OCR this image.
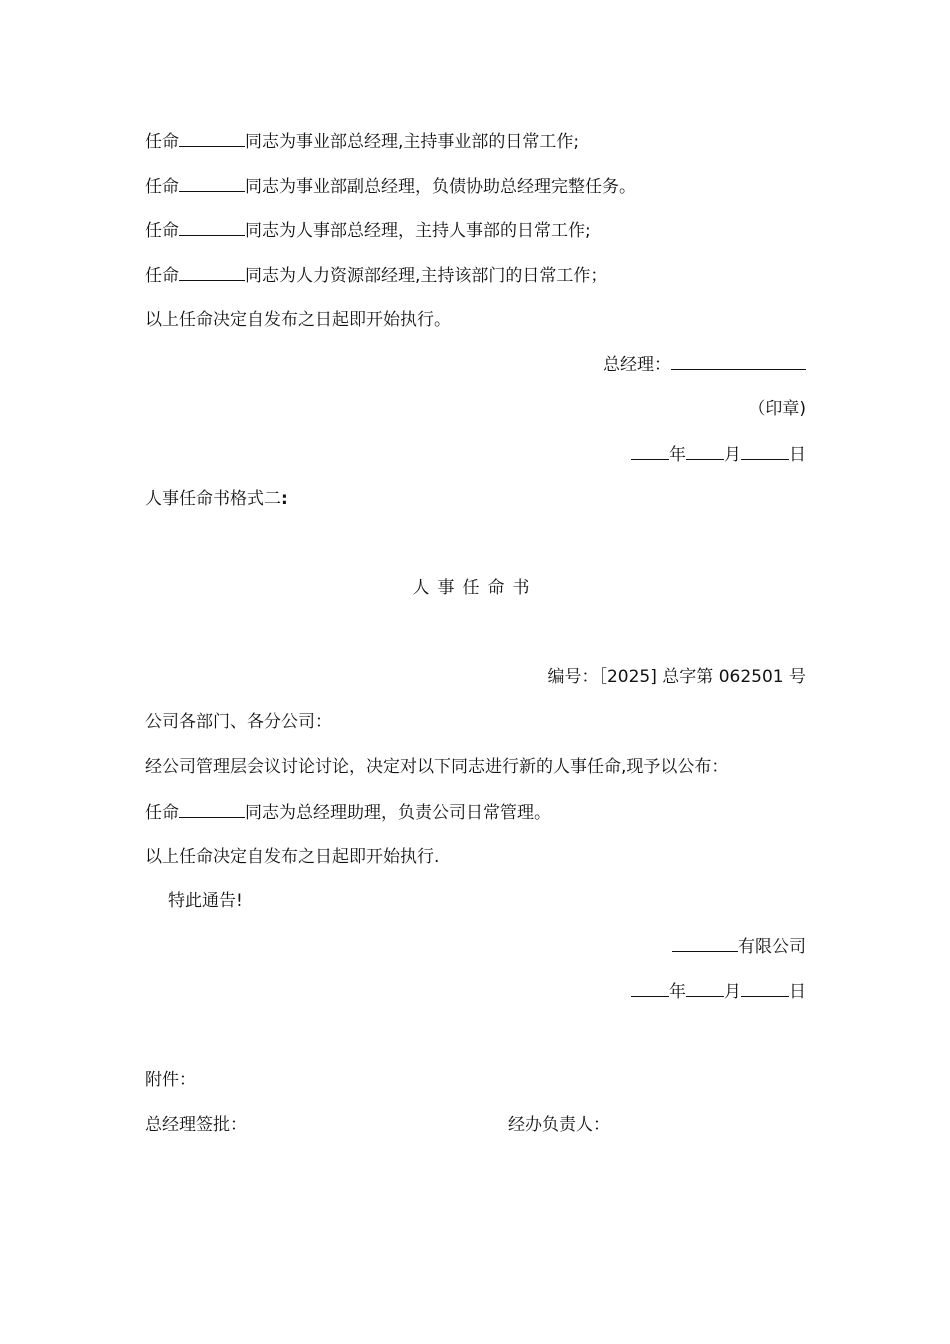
任命	同志为事业部总经理,主持事业部的日常工作;
任命	同志为事业部副总经理，负债协助总经理完整任务。
任命	同志为人事部总经理，主持人事部的日常工作;
任命	同志为人力资源部经理,主持该部门的日常工作；
以上任命决定自发布之日起即开始执行。
总经理：
（印章)
年 月	日
人事任命书格式二:
人事任命书
编号：［2025] 总字第 062501 号
公司各部门、各分公司：
经公司管理层会议讨论讨论，决定对以下同志进行新的人事任命,现予以公布：
任命	同志为总经理助理，负责公司日常管理。
以上任命决定自发布之日起即开始执行.
特此通告!
有限公司
年 月	日
附件：
总经理签批：	经办负责人：
